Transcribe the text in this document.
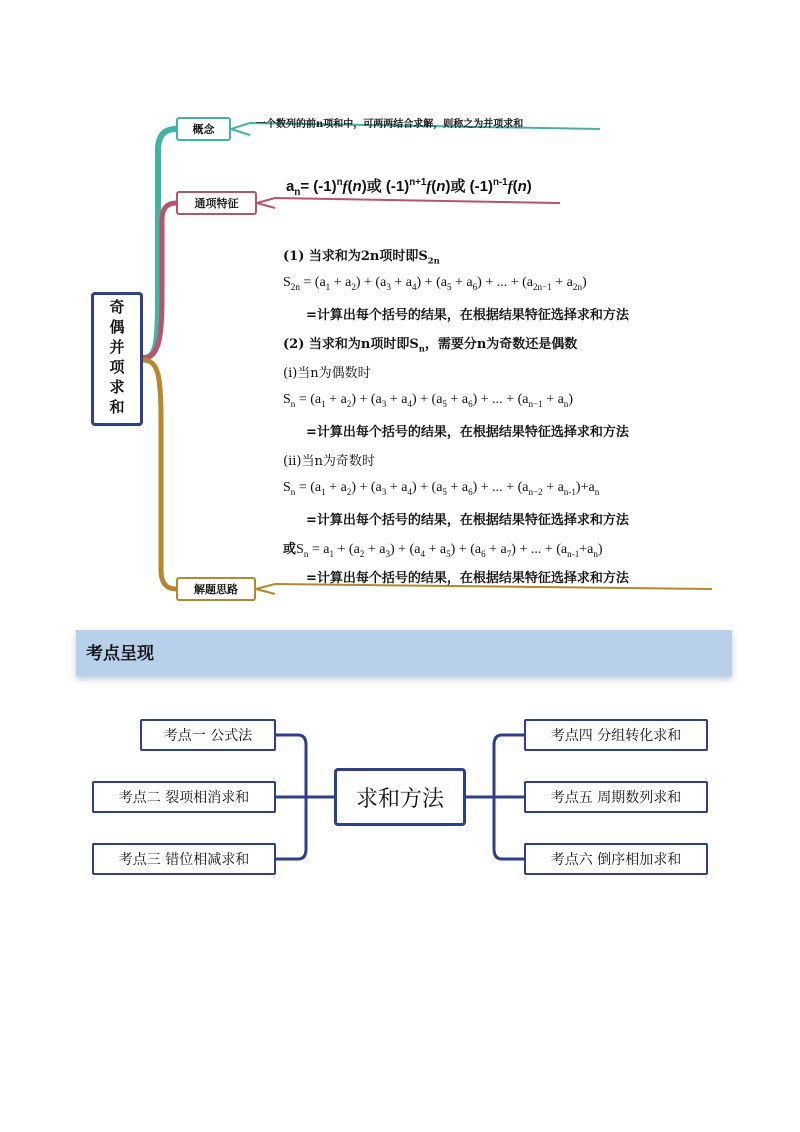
奇偶并项求和
概念	一个数列的前n项和中，可两两结合求解，则称之为并项求和
通项特征
$a_n= (-1)^nf(n)$或 $(-1)^{n+1}f(n)$或 $(-1)^{n-1}f(n)$
解题思路
(1) 当求和为2n项时即$S_{2n}$
$S_{2n} = (a_1 + a_2) + (a_3 + a_4) + (a_5 + a_6)$ + ... + $(a_{2n-1} + a_{2n})$
=计算出每个括号的结果，在根据结果特征选择求和方法
(2) 当求和为n项时即$S_n$，需要分n为奇数还是偶数
(i)当n为偶数时
$S_n = (a_1 + a_2) + (a_3 + a_4) + (a_5 + a_6)$ + ... + $(a_{n-1} + a_n)$
=计算出每个括号的结果，在根据结果特征选择求和方法
(ii)当n为奇数时
$S_n = (a_1 + a_2) + (a_3 + a_4) + (a_5 + a_6)$ + ... + $(a_{n-2} + a_{n-1})+a_n$
=计算出每个括号的结果，在根据结果特征选择求和方法
或$S_n = a_1 + (a_2 + a_3) + (a_4 + a_5) + (a_6 + a_7)$ + ... + $(a_{n-1}+a_n)$
=计算出每个括号的结果，在根据结果特征选择求和方法
考点呈现
考点一 公式法
考点二 裂项相消求和
考点三 错位相减求和
求和方法
考点四 分组转化求和
考点五 周期数列求和
考点六 倒序相加求和
